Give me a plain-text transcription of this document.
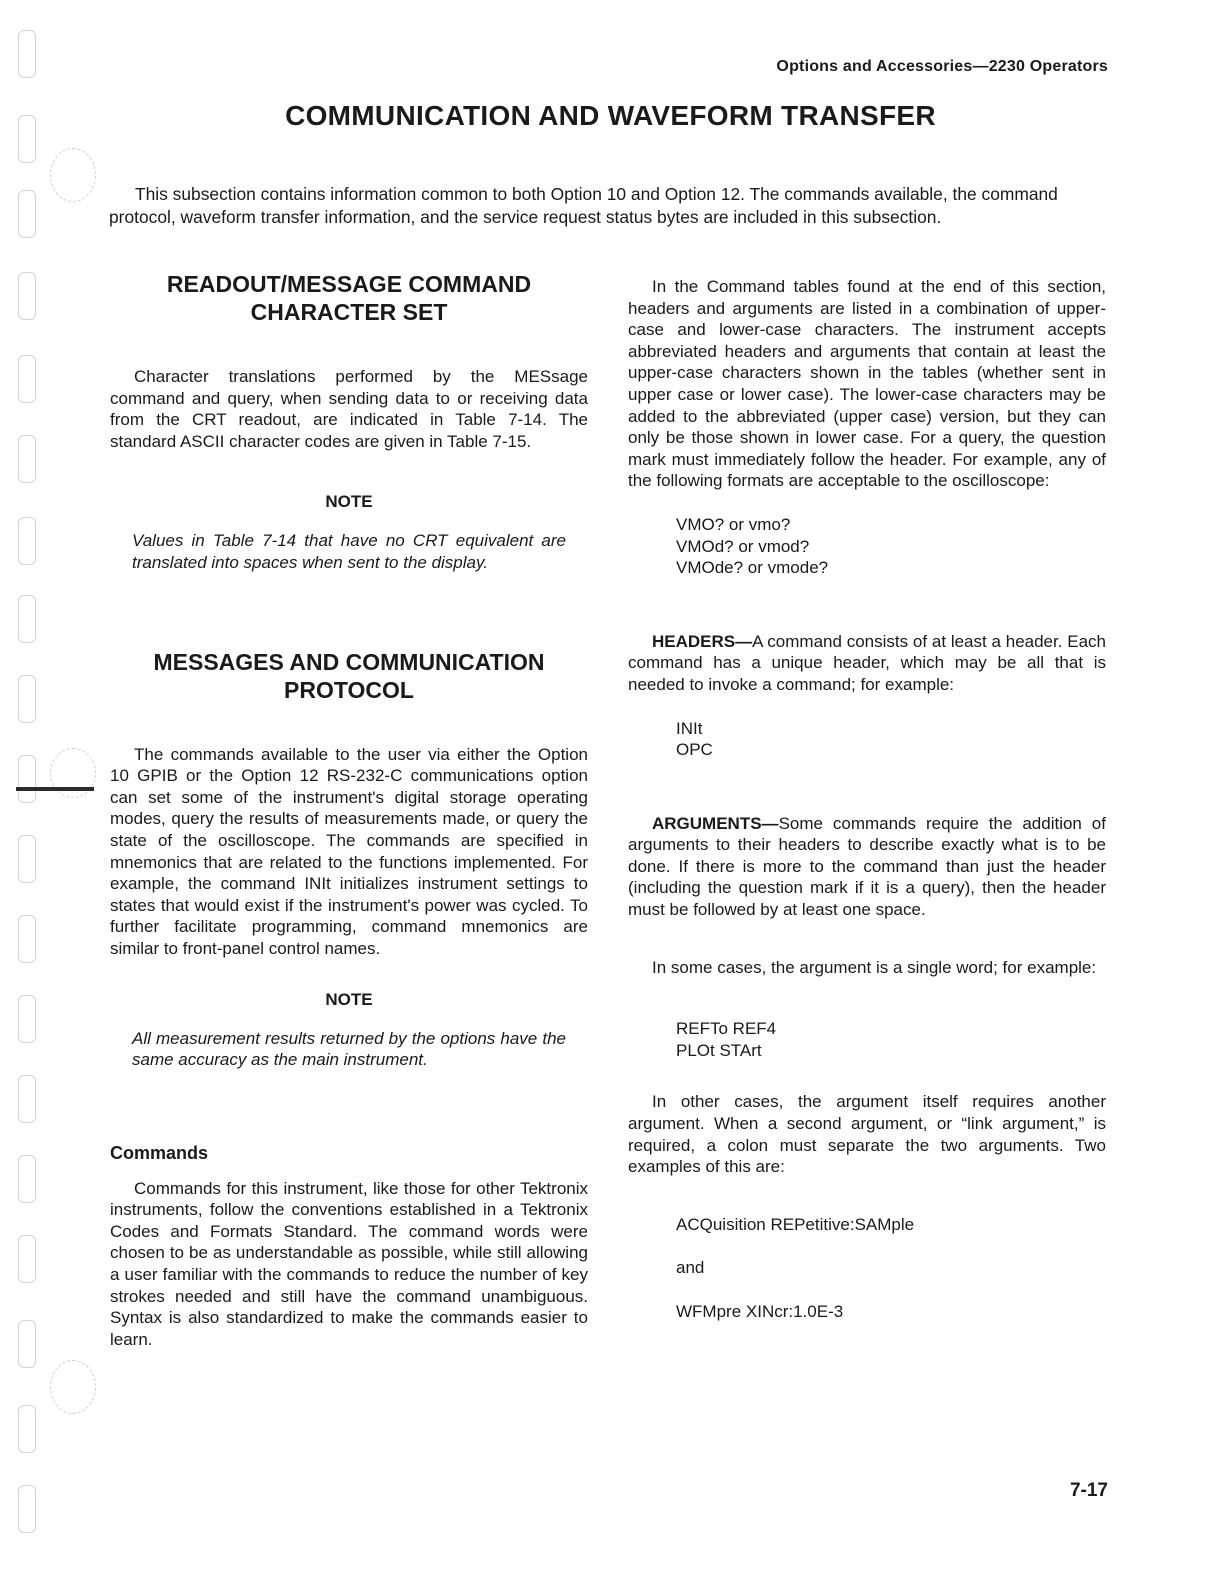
Options and Accessories—2230 Operators
COMMUNICATION AND WAVEFORM TRANSFER

This subsection contains information common to both Option 10 and Option 12. The commands available, the command protocol, waveform transfer information, and the service request status bytes are included in this subsection.

READOUT/MESSAGE COMMAND
CHARACTER SET

Character translations performed by the MESsage command and query, when sending data to or receiving data from the CRT readout, are indicated in Table 7-14. The standard ASCII character codes are given in Table 7-15.

NOTE

Values in Table 7-14 that have no CRT equivalent are translated into spaces when sent to the display.

MESSAGES AND COMMUNICATION
PROTOCOL

The commands available to the user via either the Option 10 GPIB or the Option 12 RS-232-C communications option can set some of the instrument's digital storage operating modes, query the results of measurements made, or query the state of the oscilloscope. The commands are specified in mnemonics that are related to the functions implemented. For example, the command INIt initializes instrument settings to states that would exist if the instrument's power was cycled. To further facilitate programming, command mnemonics are similar to front-panel control names.

NOTE

All measurement results returned by the options have the same accuracy as the main instrument.

Commands

Commands for this instrument, like those for other Tektronix instruments, follow the conventions established in a Tektronix Codes and Formats Standard. The command words were chosen to be as understandable as possible, while still allowing a user familiar with the commands to reduce the number of key strokes needed and still have the command unambiguous. Syntax is also standardized to make the commands easier to learn.

In the Command tables found at the end of this section, headers and arguments are listed in a combination of upper-case and lower-case characters. The instrument accepts abbreviated headers and arguments that contain at least the upper-case characters shown in the tables (whether sent in upper case or lower case). The lower-case characters may be added to the abbreviated (upper case) version, but they can only be those shown in lower case. For a query, the question mark must immediately follow the header. For example, any of the following formats are acceptable to the oscilloscope:

VMO? or vmo?
VMOd? or vmod?
VMOde? or vmode?

HEADERS—A command consists of at least a header. Each command has a unique header, which may be all that is needed to invoke a command; for example:

INIt
OPC

ARGUMENTS—Some commands require the addition of arguments to their headers to describe exactly what is to be done. If there is more to the command than just the header (including the question mark if it is a query), then the header must be followed by at least one space.

In some cases, the argument is a single word; for example:

REFTo REF4
PLOt STArt

In other cases, the argument itself requires another argument. When a second argument, or “link argument,” is required, a colon must separate the two arguments. Two examples of this are:

ACQuisition REPetitive:SAMple
and
WFMpre XINcr:1.0E-3
7-17
